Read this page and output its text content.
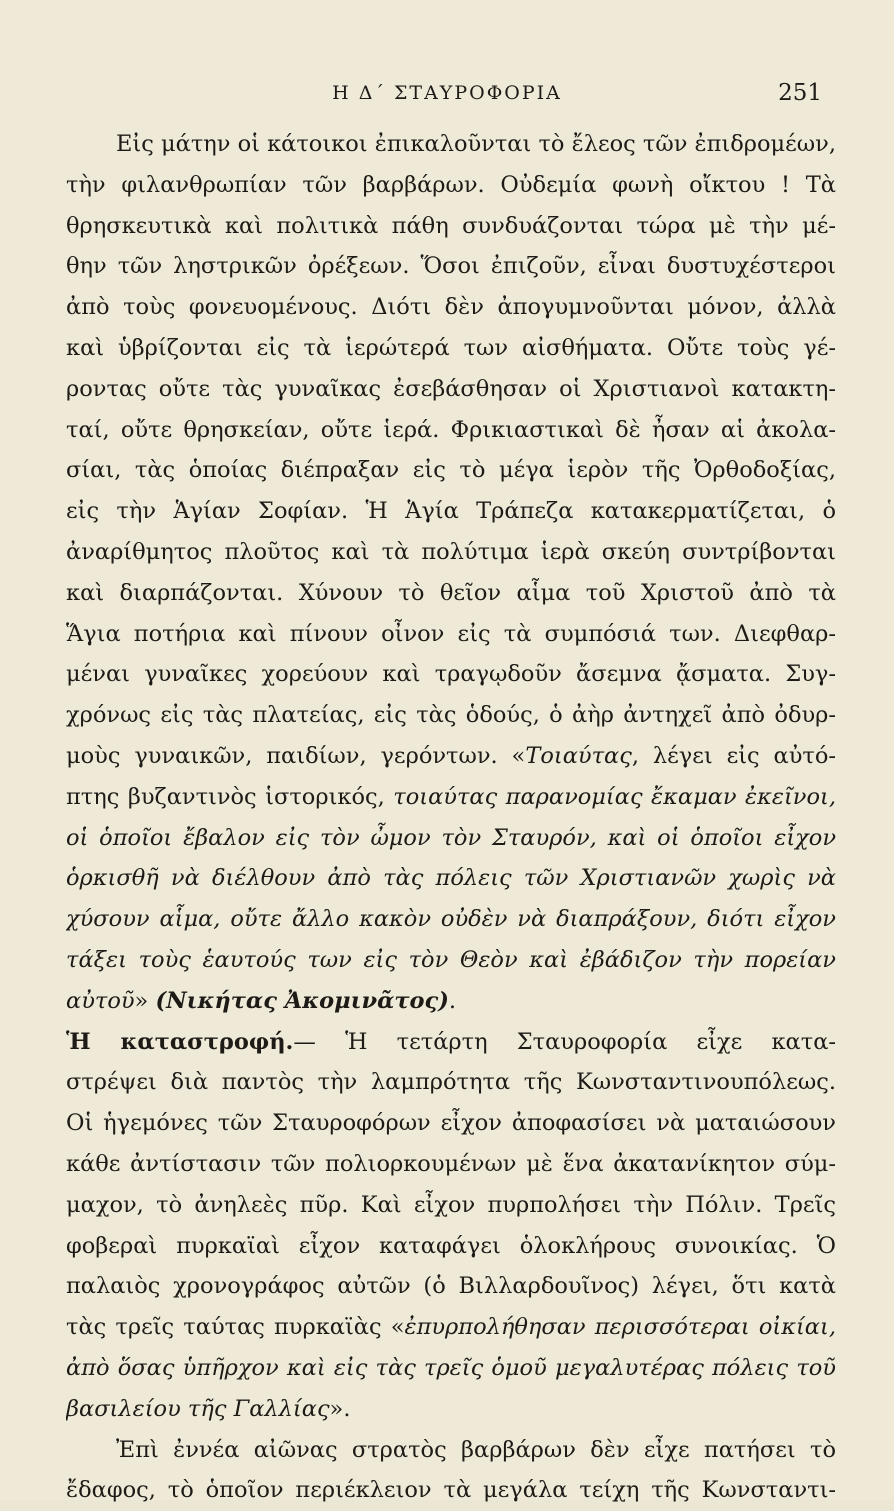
Η Δ΄ ΣΤΑΥΡΟΦΟΡΙΑ	251
Εἰς μάτην οἱ κάτοικοι ἐπικαλοῦνται τὸ ἔλεος τῶν ἐπιδρομέων,
τὴν φιλανθρωπίαν τῶν βαρβάρων. Οὐδεμία φωνὴ οἴκτου ! Τὰ
θρησκευτικὰ καὶ πολιτικὰ πάθη συνδυάζονται τώρα μὲ τὴν μέ-
θην τῶν ληστρικῶν ὀρέξεων. Ὅσοι ἐπιζοῦν, εἶναι δυστυχέστεροι
ἀπὸ τοὺς φονευομένους. Διότι δὲν ἀπογυμνοῦνται μόνον, ἀλλὰ
καὶ ὑβρίζονται εἰς τὰ ἱερώτερά των αἰσθήματα. Οὔτε τοὺς γέ-
ροντας οὔτε τὰς γυναῖκας ἐσεβάσθησαν οἱ Χριστιανοὶ κατακτη-
ταί, οὔτε θρησκείαν, οὔτε ἱερά. Φρικιαστικαὶ δὲ ἦσαν αἱ ἀκολα-
σίαι, τὰς ὁποίας διέπραξαν εἰς τὸ μέγα ἱερὸν τῆς Ὀρθοδοξίας,
εἰς τὴν Ἁγίαν Σοφίαν. Ἡ Ἁγία Τράπεζα κατακερματίζεται, ὁ
ἀναρίθμητος πλοῦτος καὶ τὰ πολύτιμα ἱερὰ σκεύη συντρίβονται
καὶ διαρπάζονται. Χύνουν τὸ θεῖον αἷμα τοῦ Χριστοῦ ἀπὸ τὰ
Ἅγια ποτήρια καὶ πίνουν οἶνον εἰς τὰ συμπόσιά των. Διεφθαρ-
μέναι γυναῖκες χορεύουν καὶ τραγῳδοῦν ἄσεμνα ᾄσματα. Συγ-
χρόνως εἰς τὰς πλατείας, εἰς τὰς ὁδούς, ὁ ἀὴρ ἀντηχεῖ ἀπὸ ὀδυρ-
μοὺς γυναικῶν, παιδίων, γερόντων. «Τοιαύτας, λέγει εἰς αὐτό-
πτης βυζαντινὸς ἱστορικός, τοιαύτας παρανομίας ἔκαμαν ἐκεῖνοι,
οἱ ὁποῖοι ἔβαλον εἰς τὸν ὦμον τὸν Σταυρόν, καὶ οἱ ὁποῖοι εἶχον
ὁρκισθῆ νὰ διέλθουν ἀπὸ τὰς πόλεις τῶν Χριστιανῶν χωρὶς νὰ
χύσουν αἷμα, οὔτε ἄλλο κακὸν οὐδὲν νὰ διαπράξουν, διότι εἶχον
τάξει τοὺς ἑαυτούς των εἰς τὸν Θεὸν καὶ ἐβάδιζον τὴν πορείαν
αὐτοῦ» (Νικήτας Ἀκομινᾶτος).
Ἡ καταστροφή.— Ἡ τετάρτη Σταυροφορία εἶχε κατα-
στρέψει διὰ παντὸς τὴν λαμπρότητα τῆς Κωνσταντινουπόλεως.
Οἱ ἡγεμόνες τῶν Σταυροφόρων εἶχον ἀποφασίσει νὰ ματαιώσουν
κάθε ἀντίστασιν τῶν πολιορκουμένων μὲ ἕνα ἀκατανίκητον σύμ-
μαχον, τὸ ἀνηλεὲς πῦρ. Καὶ εἶχον πυρπολήσει τὴν Πόλιν. Τρεῖς
φοβεραὶ πυρκαϊαὶ εἶχον καταφάγει ὁλοκλήρους συνοικίας. Ὁ
παλαιὸς χρονογράφος αὐτῶν (ὁ Βιλλαρδουῖνος) λέγει, ὅτι κατὰ
τὰς τρεῖς ταύτας πυρκαϊὰς «ἐπυρπολήθησαν περισσότεραι οἰκίαι,
ἀπὸ ὅσας ὑπῆρχον καὶ εἰς τὰς τρεῖς ὁμοῦ μεγαλυτέρας πόλεις τοῦ
βασιλείου τῆς Γαλλίας».
Ἐπὶ ἐννέα αἰῶνας στρατὸς βαρβάρων δὲν εἶχε πατήσει τὸ
ἔδαφος, τὸ ὁποῖον περιέκλειον τὰ μεγάλα τείχη τῆς Κωνσταντι-
